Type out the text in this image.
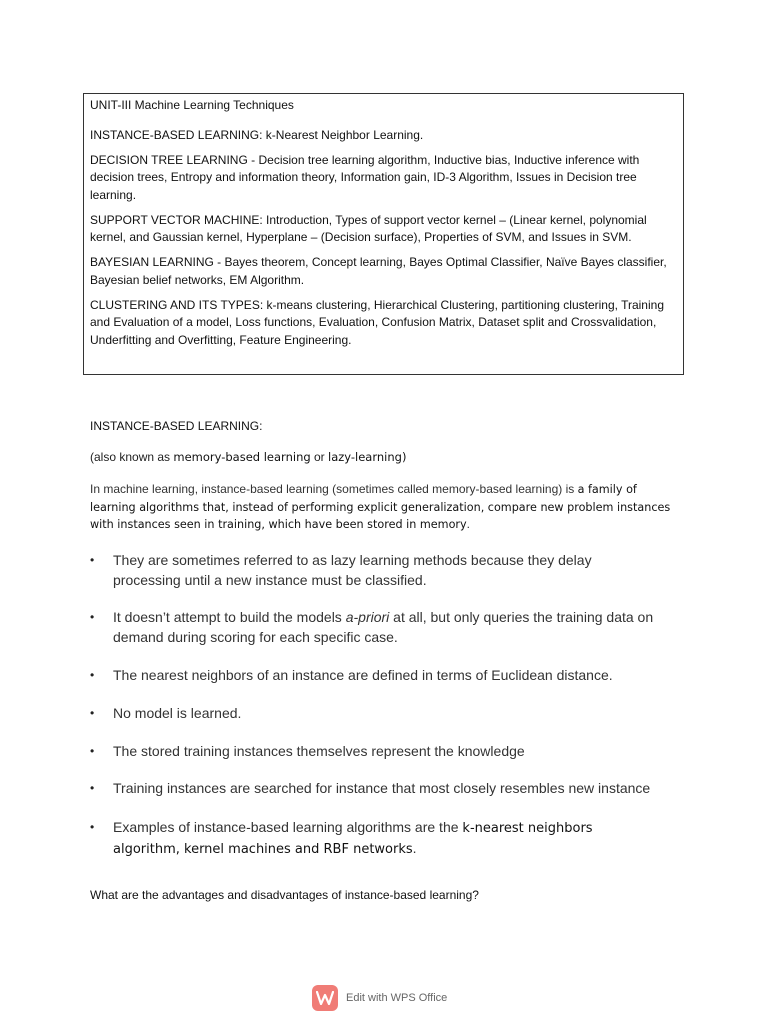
UNIT-III Machine Learning Techniques

INSTANCE-BASED LEARNING: k-Nearest Neighbor Learning.

DECISION TREE LEARNING - Decision tree learning algorithm, Inductive bias, Inductive inference with decision trees, Entropy and information theory, Information gain, ID-3 Algorithm, Issues in Decision tree learning.

SUPPORT VECTOR MACHINE: Introduction, Types of support vector kernel – (Linear kernel, polynomial kernel, and Gaussian kernel, Hyperplane – (Decision surface), Properties of SVM, and Issues in SVM.

BAYESIAN LEARNING - Bayes theorem, Concept learning, Bayes Optimal Classifier, Naïve Bayes classifier, Bayesian belief networks, EM Algorithm.

CLUSTERING AND ITS TYPES: k-means clustering, Hierarchical Clustering, partitioning clustering, Training and Evaluation of a model, Loss functions, Evaluation, Confusion Matrix, Dataset split and Crossvalidation, Underfitting and Overfitting, Feature Engineering.

INSTANCE-BASED LEARNING:
(also known as memory-based learning or lazy-learning)
In machine learning, instance-based learning (sometimes called memory-based learning) is a family of learning algorithms that, instead of performing explicit generalization, compare new problem instances with instances seen in training, which have been stored in memory.
• They are sometimes referred to as lazy learning methods because they delay processing until a new instance must be classified.
• It doesn’t attempt to build the models a-priori at all, but only queries the training data on demand during scoring for each specific case.
• The nearest neighbors of an instance are defined in terms of Euclidean distance.
• No model is learned.
• The stored training instances themselves represent the knowledge
• Training instances are searched for instance that most closely resembles new instance
• Examples of instance-based learning algorithms are the k-nearest neighbors algorithm, kernel machines and RBF networks.
What are the advantages and disadvantages of instance-based learning?
Edit with WPS Office
